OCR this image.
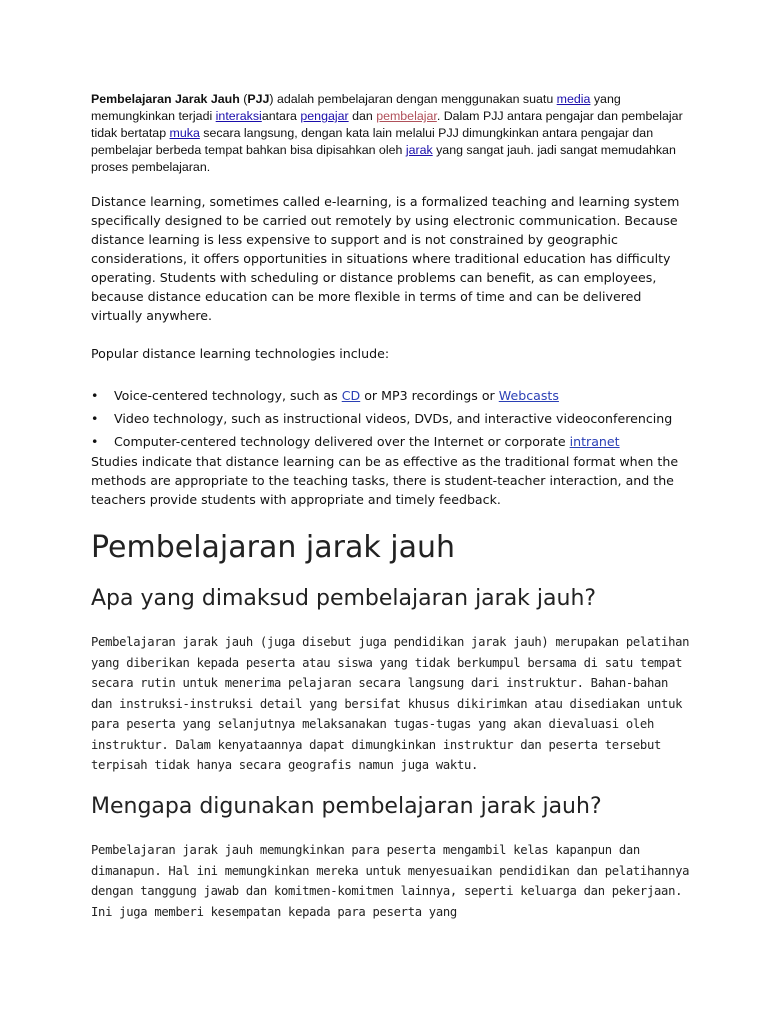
Pembelajaran Jarak Jauh (PJJ) adalah pembelajaran dengan menggunakan suatu media yang memungkinkan terjadi interaksiantara pengajar dan pembelajar. Dalam PJJ antara pengajar dan pembelajar tidak bertatap muka secara langsung, dengan kata lain melalui PJJ dimungkinkan antara pengajar dan pembelajar berbeda tempat bahkan bisa dipisahkan oleh jarak yang sangat jauh. jadi sangat memudahkan proses pembelajaran.

Distance learning, sometimes called e-learning, is a formalized teaching and learning system specifically designed to be carried out remotely by using electronic communication. Because distance learning is less expensive to support and is not constrained by geographic considerations, it offers opportunities in situations where traditional education has difficulty operating. Students with scheduling or distance problems can benefit, as can employees, because distance education can be more flexible in terms of time and can be delivered virtually anywhere.

Popular distance learning technologies include:

• Voice-centered technology, such as CD or MP3 recordings or Webcasts
• Video technology, such as instructional videos, DVDs, and interactive videoconferencing
• Computer-centered technology delivered over the Internet or corporate intranet

Studies indicate that distance learning can be as effective as the traditional format when the methods are appropriate to the teaching tasks, there is student-teacher interaction, and the teachers provide students with appropriate and timely feedback.

Pembelajaran jarak jauh
Apa yang dimaksud pembelajaran jarak jauh?

Pembelajaran jarak jauh (juga disebut juga pendidikan jarak jauh) merupakan pelatihan yang diberikan kepada peserta atau siswa yang tidak berkumpul bersama di satu tempat secara rutin untuk menerima pelajaran secara langsung dari instruktur. Bahan-bahan dan instruksi-instruksi detail yang bersifat khusus dikirimkan atau disediakan untuk para peserta yang selanjutnya melaksanakan tugas-tugas yang akan dievaluasi oleh instruktur. Dalam kenyataannya dapat dimungkinkan instruktur dan peserta tersebut terpisah tidak hanya secara geografis namun juga waktu.

Mengapa digunakan pembelajaran jarak jauh?

Pembelajaran jarak jauh memungkinkan para peserta mengambil kelas kapanpun dan dimanapun. Hal ini memungkinkan mereka untuk menyesuaikan pendidikan dan pelatihannya dengan tanggung jawab dan komitmen-komitmen lainnya, seperti keluarga dan pekerjaan. Ini juga memberi kesempatan kepada para peserta yang
